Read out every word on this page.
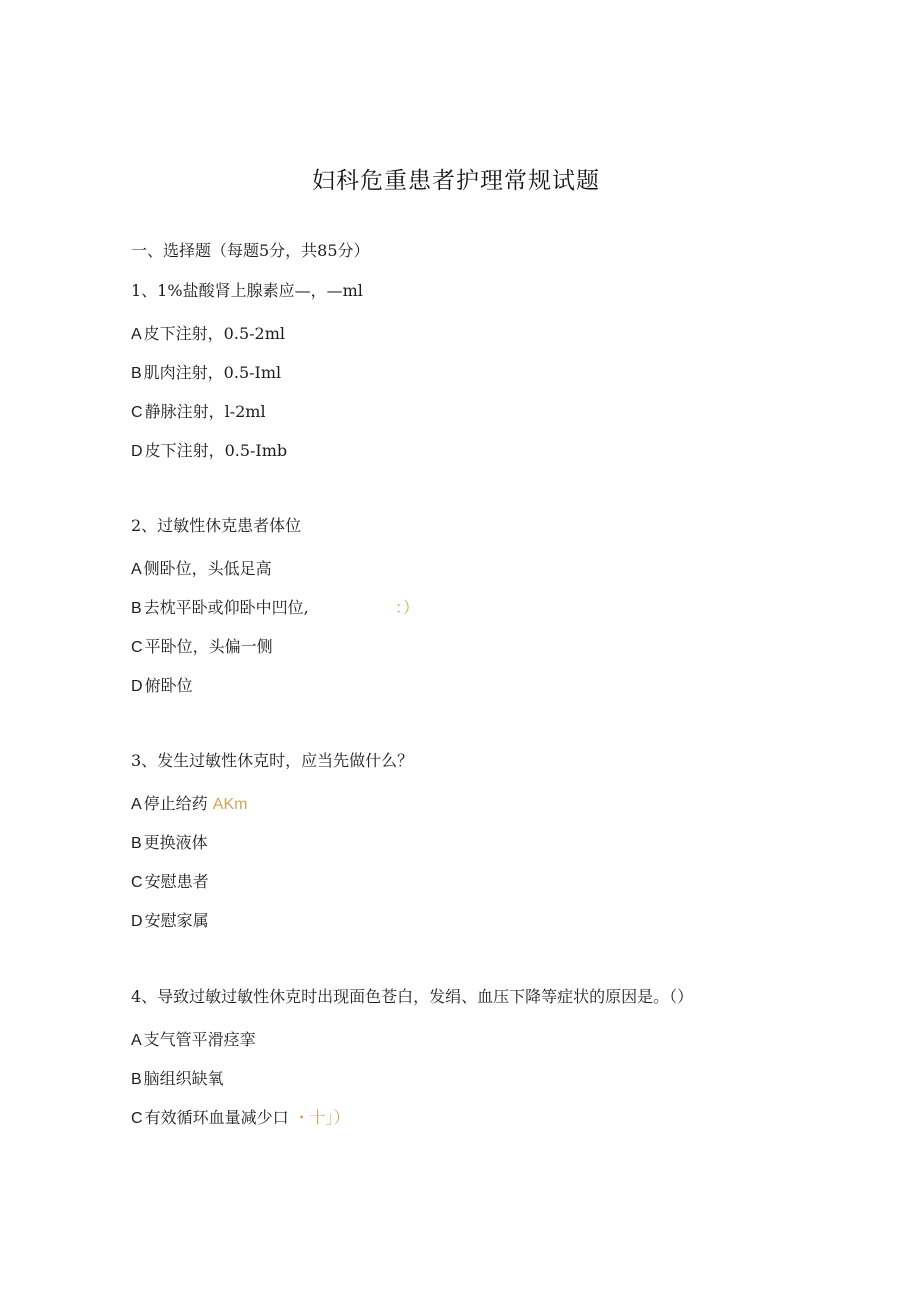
妇科危重患者护理常规试题
一、选择题（每题5分，共85分）
1、1%盐酸肾上腺素应—，—ml
A 皮下注射，0.5-2ml
B 肌肉注射，0.5-Iml
C 静脉注射，l-2ml
D 皮下注射，0.5-Imb
2、过敏性休克患者体位
A 侧卧位，头低足高
B 去枕平卧或仰卧中凹位,	：）
C 平卧位，头偏一侧
D 俯卧位
3、发生过敏性休克时，应当先做什么？
A 停止给药 AKm
B 更换液体
C 安慰患者
D 安慰家属
4、导致过敏过敏性休克时出现面色苍白，发绢、血压下降等症状的原因是。（）
A 支气管平滑痉挛
B 脑组织缺氧
C 有效循环血量减少口 ・十」）
